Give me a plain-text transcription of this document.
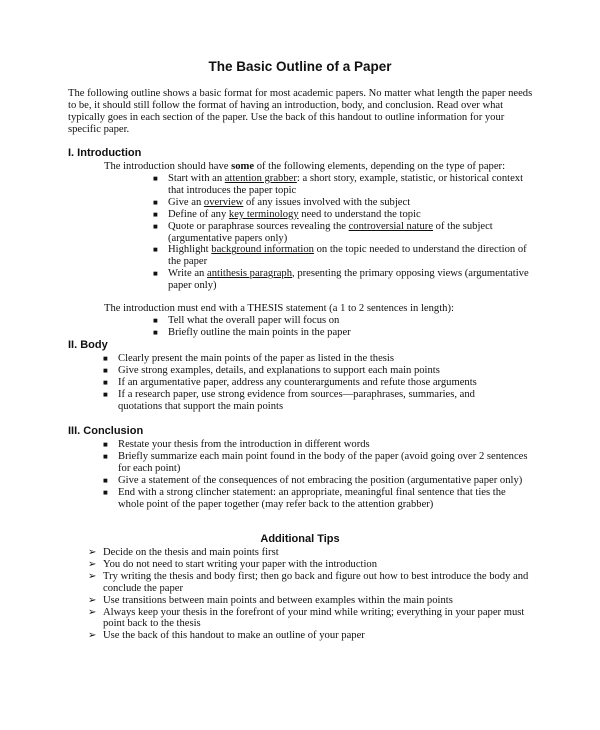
The Basic Outline of a Paper
The following outline shows a basic format for most academic papers. No matter what length the paper needs to be, it should still follow the format of having an introduction, body, and conclusion. Read over what typically goes in each section of the paper. Use the back of this handout to outline information for your specific paper.
I. Introduction
The introduction should have some of the following elements, depending on the type of paper:
■ Start with an attention grabber: a short story, example, statistic, or historical context that introduces the paper topic
■ Give an overview of any issues involved with the subject
■ Define of any key terminology need to understand the topic
■ Quote or paraphrase sources revealing the controversial nature of the subject (argumentative papers only)
■ Highlight background information on the topic needed to understand the direction of the paper
■ Write an antithesis paragraph, presenting the primary opposing views (argumentative paper only)
The introduction must end with a THESIS statement (a 1 to 2 sentences in length):
■ Tell what the overall paper will focus on
■ Briefly outline the main points in the paper
II. Body
■ Clearly present the main points of the paper as listed in the thesis
■ Give strong examples, details, and explanations to support each main points
■ If an argumentative paper, address any counterarguments and refute those arguments
■ If a research paper, use strong evidence from sources—paraphrases, summaries, and quotations that support the main points
III. Conclusion
■ Restate your thesis from the introduction in different words
■ Briefly summarize each main point found in the body of the paper (avoid going over 2 sentences for each point)
■ Give a statement of the consequences of not embracing the position (argumentative paper only)
■ End with a strong clincher statement: an appropriate, meaningful final sentence that ties the whole point of the paper together (may refer back to the attention grabber)
Additional Tips
➢ Decide on the thesis and main points first
➢ You do not need to start writing your paper with the introduction
➢ Try writing the thesis and body first; then go back and figure out how to best introduce the body and conclude the paper
➢ Use transitions between main points and between examples within the main points
➢ Always keep your thesis in the forefront of your mind while writing; everything in your paper must point back to the thesis
➢ Use the back of this handout to make an outline of your paper
